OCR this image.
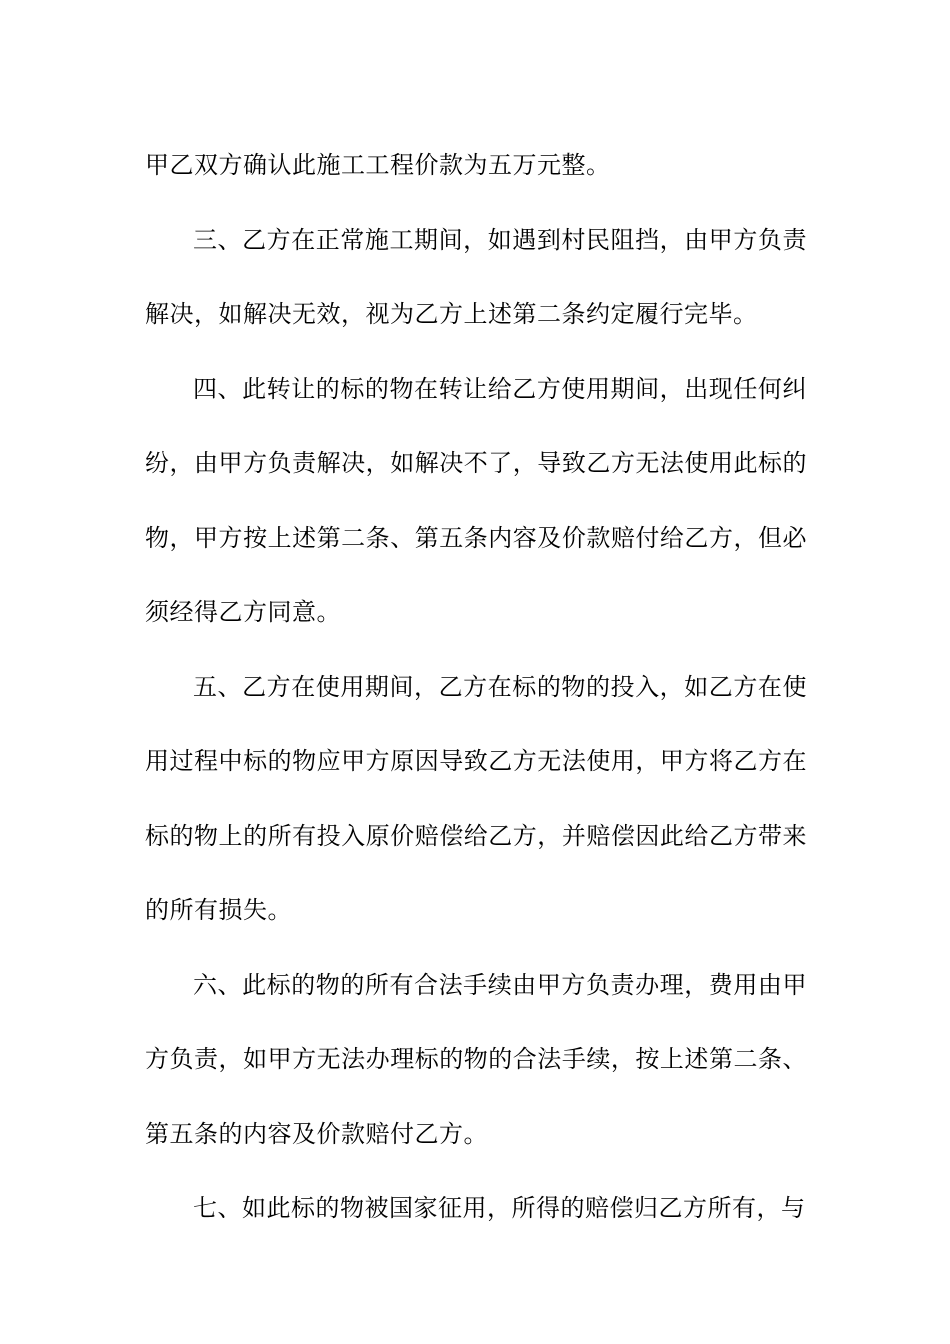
甲乙双方确认此施工工程价款为五万元整。

三、乙方在正常施工期间，如遇到村民阻挡，由甲方负责解决，如解决无效，视为乙方上述第二条约定履行完毕。

四、此转让的标的物在转让给乙方使用期间，出现任何纠纷，由甲方负责解决，如解决不了，导致乙方无法使用此标的物，甲方按上述第二条、第五条内容及价款赔付给乙方，但必须经得乙方同意。

五、乙方在使用期间，乙方在标的物的投入，如乙方在使用过程中标的物应甲方原因导致乙方无法使用，甲方将乙方在标的物上的所有投入原价赔偿给乙方，并赔偿因此给乙方带来的所有损失。

六、此标的物的所有合法手续由甲方负责办理，费用由甲方负责，如甲方无法办理标的物的合法手续，按上述第二条、第五条的内容及价款赔付乙方。

七、如此标的物被国家征用，所得的赔偿归乙方所有，与
